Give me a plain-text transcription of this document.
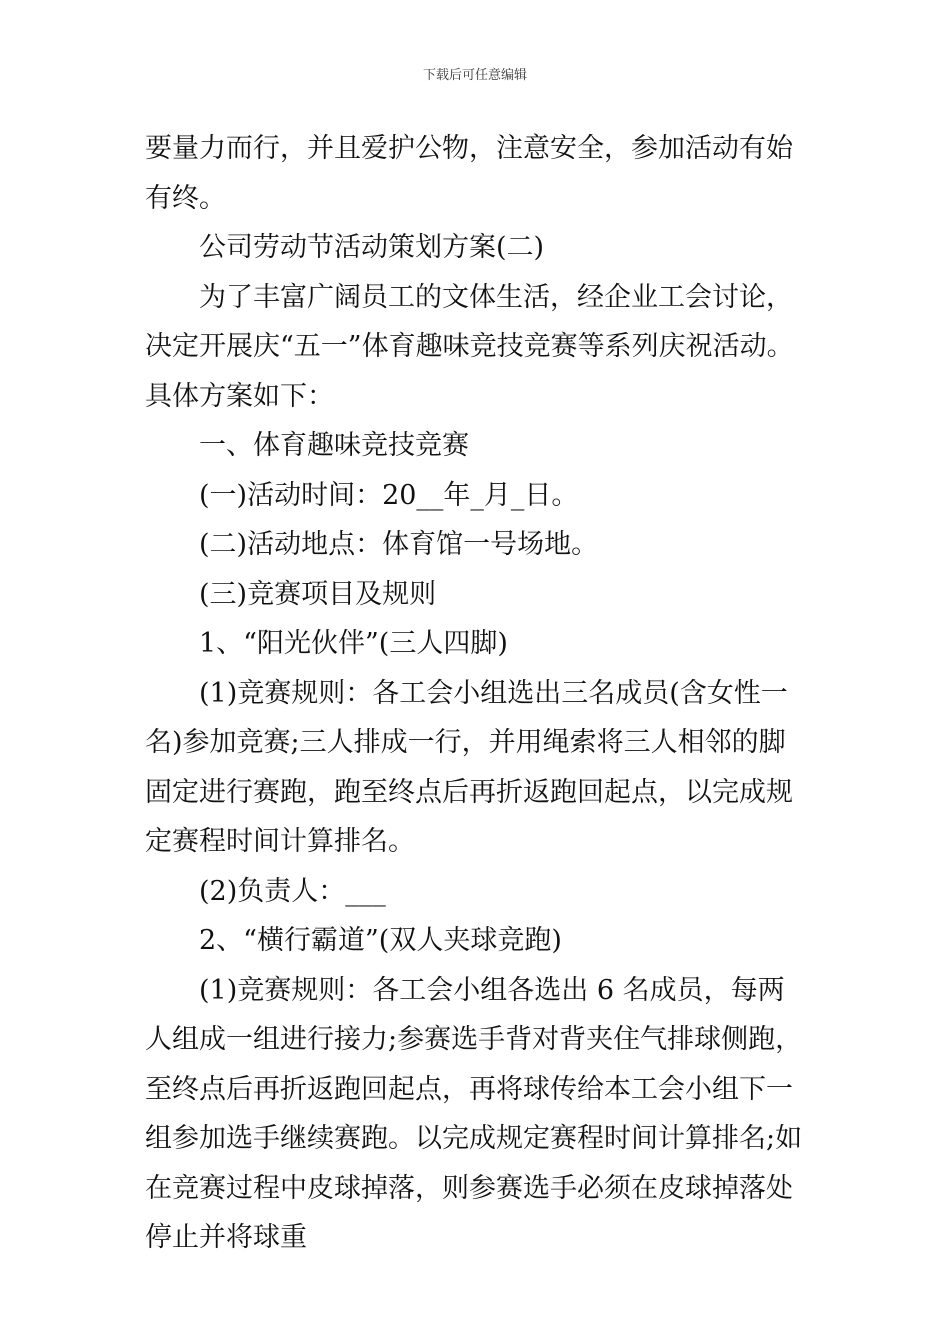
下载后可任意编辑

要量力而行，并且爱护公物，注意安全，参加活动有始有终。

公司劳动节活动策划方案(二)

为了丰富广阔员工的文体生活，经企业工会讨论，决定开展庆“五一”体育趣味竞技竞赛等系列庆祝活动。具体方案如下：

一、体育趣味竞技竞赛

(一)活动时间：20__年_月_日。

(二)活动地点：体育馆一号场地。

(三)竞赛项目及规则

1、“阳光伙伴”(三人四脚)

(1)竞赛规则：各工会小组选出三名成员(含女性一名)参加竞赛;三人排成一行，并用绳索将三人相邻的脚固定进行赛跑，跑至终点后再折返跑回起点，以完成规定赛程时间计算排名。

(2)负责人：___

2、“横行霸道”(双人夹球竞跑)

(1)竞赛规则：各工会小组各选出 6 名成员，每两人组成一组进行接力;参赛选手背对背夹住气排球侧跑，至终点后再折返跑回起点，再将球传给本工会小组下一组参加选手继续赛跑。以完成规定赛程时间计算排名;如在竞赛过程中皮球掉落，则参赛选手必须在皮球掉落处停止并将球重
